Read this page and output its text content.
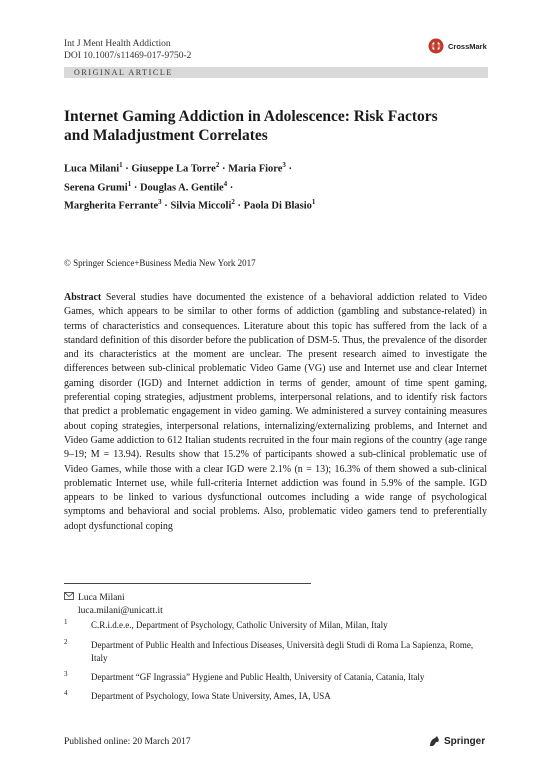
Int J Ment Health Addiction
DOI 10.1007/s11469-017-9750-2
CrossMark
ORIGINAL ARTICLE
Internet Gaming Addiction in Adolescence: Risk Factors
and Maladjustment Correlates
Luca Milani$^1$ · Giuseppe La Torre$^2$ · Maria Fiore$^3$ ·
Serena Grumi$^1$ · Douglas A. Gentile$^4$ ·
Margherita Ferrante$^3$ · Silvia Miccoli$^2$ · Paola Di Blasio$^1$
© Springer Science+Business Media New York 2017
Abstract Several studies have documented the existence of a behavioral addiction related to Video Games, which appears to be similar to other forms of addiction (gambling and substance-related) in terms of characteristics and consequences. Literature about this topic has suffered from the lack of a standard definition of this disorder before the publication of DSM-5. Thus, the prevalence of the disorder and its characteristics at the moment are unclear. The present research aimed to investigate the differences between sub-clinical problematic Video Game (VG) use and Internet use and clear Internet gaming disorder (IGD) and Internet addiction in terms of gender, amount of time spent gaming, preferential coping strategies, adjustment problems, interpersonal relations, and to identify risk factors that predict a problematic engagement in video gaming. We administered a survey containing measures about coping strategies, interpersonal relations, internalizing/externalizing problems, and Internet and Video Game addiction to 612 Italian students recruited in the four main regions of the country (age range 9–19; M = 13.94). Results show that 15.2% of participants showed a sub-clinical problematic use of Video Games, while those with a clear IGD were 2.1% (n = 13); 16.3% of them showed a sub-clinical problematic Internet use, while full-criteria Internet addiction was found in 5.9% of the sample. IGD appears to be linked to various dysfunctional outcomes including a wide range of psychological symptoms and behavioral and social problems. Also, problematic video gamers tend to preferentially adopt dysfunctional coping
Luca Milani
luca.milani@unicatt.it
1	C.R.i.d.e.e., Department of Psychology, Catholic University of Milan, Milan, Italy
2	Department of Public Health and Infectious Diseases, Università degli Studi di Roma La Sapienza, Rome, Italy
3	Department “GF Ingrassia” Hygiene and Public Health, University of Catania, Catania, Italy
4	Department of Psychology, Iowa State University, Ames, IA, USA
Published online: 20 March 2017	Springer
